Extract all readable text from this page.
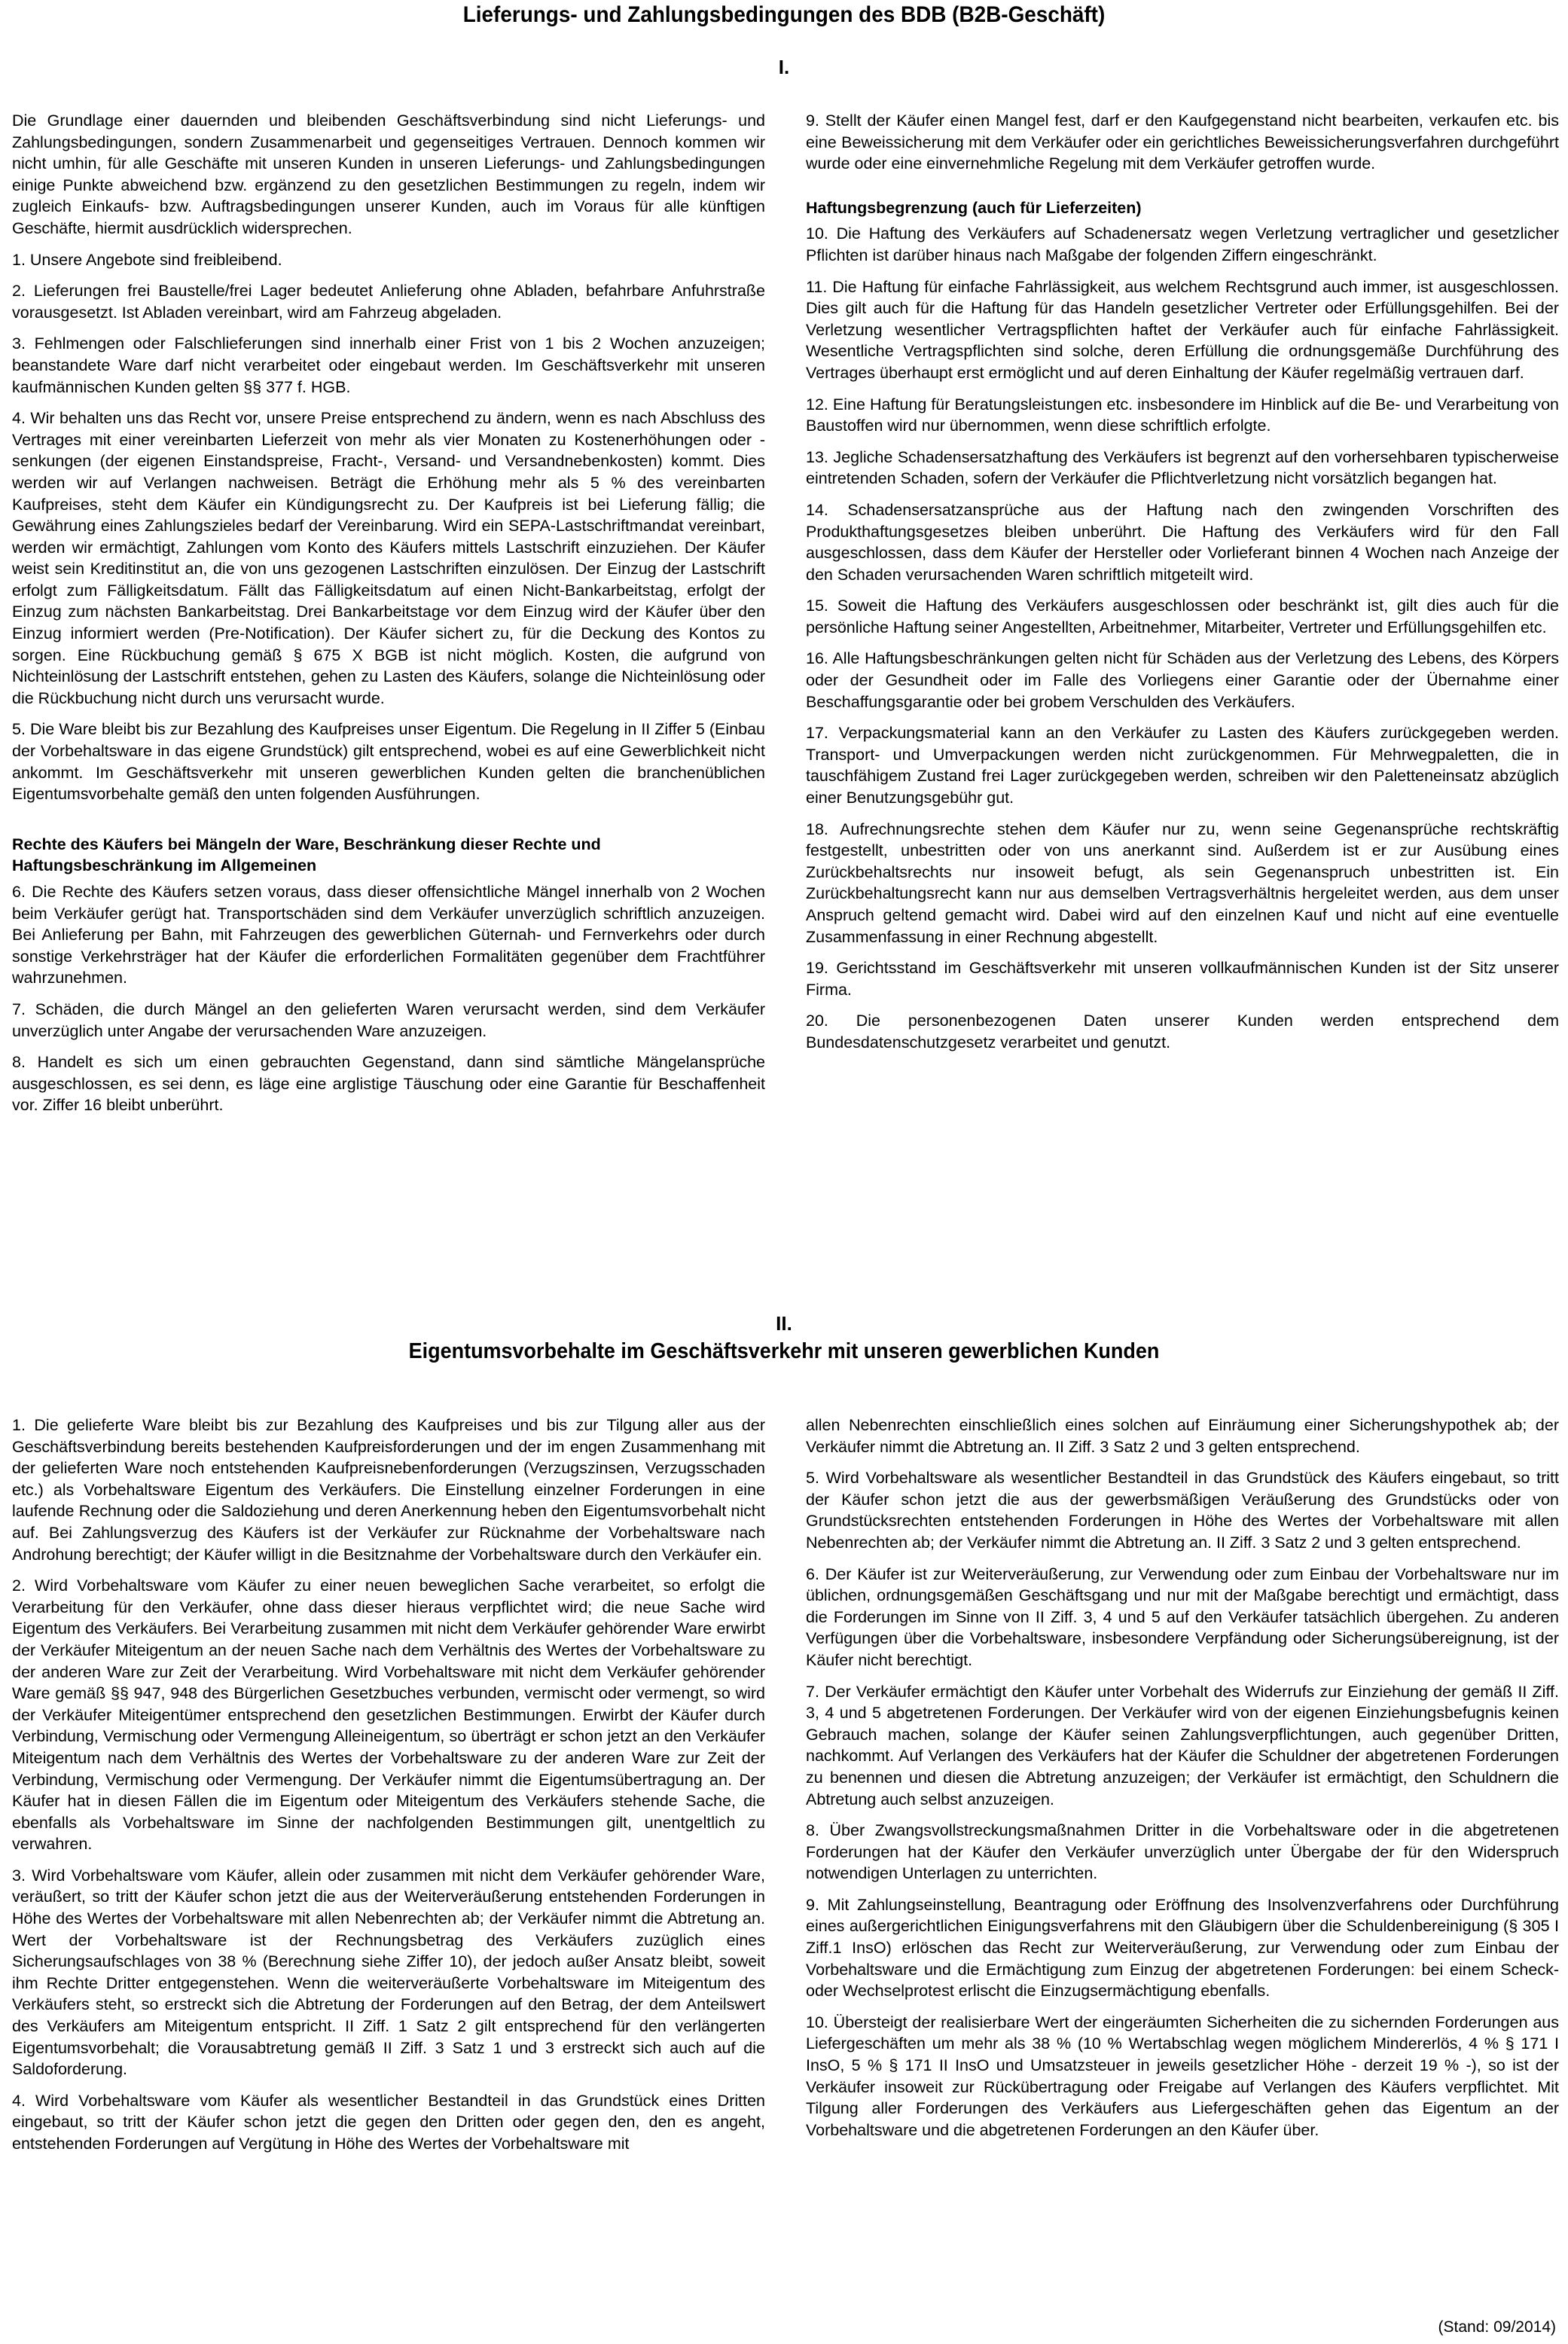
Lieferungs- und Zahlungsbedingungen des BDB (B2B-Geschäft)
I.

Die Grundlage einer dauernden und bleibenden Geschäftsverbindung sind nicht Lieferungs- und Zahlungsbedingungen, sondern Zusammenarbeit und gegenseitiges Vertrauen. Dennoch kommen wir nicht umhin, für alle Geschäfte mit unseren Kunden in unseren Lieferungs- und Zahlungsbedingungen einige Punkte abweichend bzw. ergänzend zu den gesetzlichen Bestimmungen zu regeln, indem wir zugleich Einkaufs- bzw. Auftragsbedingungen unserer Kunden, auch im Voraus für alle künftigen Geschäfte, hiermit ausdrücklich widersprechen.

1. Unsere Angebote sind freibleibend.

2. Lieferungen frei Baustelle/frei Lager bedeutet Anlieferung ohne Abladen, befahrbare Anfuhrstraße vorausgesetzt. Ist Abladen vereinbart, wird am Fahrzeug abgeladen.

3. Fehlmengen oder Falschlieferungen sind innerhalb einer Frist von 1 bis 2 Wochen anzuzeigen; beanstandete Ware darf nicht verarbeitet oder eingebaut werden. Im Geschäftsverkehr mit unseren kaufmännischen Kunden gelten §§ 377 f. HGB.

4. Wir behalten uns das Recht vor, unsere Preise entsprechend zu ändern, wenn es nach Abschluss des Vertrages mit einer vereinbarten Lieferzeit von mehr als vier Monaten zu Kostenerhöhungen oder -senkungen (der eigenen Einstandspreise, Fracht-, Versand- und Versandnebenkosten) kommt. Dies werden wir auf Verlangen nachweisen. Beträgt die Erhöhung mehr als 5 % des vereinbarten Kaufpreises, steht dem Käufer ein Kündigungsrecht zu. Der Kaufpreis ist bei Lieferung fällig; die Gewährung eines Zahlungszieles bedarf der Vereinbarung. Wird ein SEPA-Lastschriftmandat vereinbart, werden wir ermächtigt, Zahlungen vom Konto des Käufers mittels Lastschrift einzuziehen. Der Käufer weist sein Kreditinstitut an, die von uns gezogenen Lastschriften einzulösen. Der Einzug der Lastschrift erfolgt zum Fälligkeitsdatum. Fällt das Fälligkeitsdatum auf einen Nicht-Bankarbeitstag, erfolgt der Einzug zum nächsten Bankarbeitstag. Drei Bankarbeitstage vor dem Einzug wird der Käufer über den Einzug informiert werden (Pre-Notification). Der Käufer sichert zu, für die Deckung des Kontos zu sorgen. Eine Rückbuchung gemäß § 675 X BGB ist nicht möglich. Kosten, die aufgrund von Nichteinlösung der Lastschrift entstehen, gehen zu Lasten des Käufers, solange die Nichteinlösung oder die Rückbuchung nicht durch uns verursacht wurde.

5. Die Ware bleibt bis zur Bezahlung des Kaufpreises unser Eigentum. Die Regelung in II Ziffer 5 (Einbau der Vorbehaltsware in das eigene Grundstück) gilt entsprechend, wobei es auf eine Gewerblichkeit nicht ankommt. Im Geschäftsverkehr mit unseren gewerblichen Kunden gelten die branchenüblichen Eigentumsvorbehalte gemäß den unten folgenden Ausführungen.

Rechte des Käufers bei Mängeln der Ware, Beschränkung dieser Rechte und Haftungsbeschränkung im Allgemeinen

6. Die Rechte des Käufers setzen voraus, dass dieser offensichtliche Mängel innerhalb von 2 Wochen beim Verkäufer gerügt hat. Transportschäden sind dem Verkäufer unverzüglich schriftlich anzuzeigen. Bei Anlieferung per Bahn, mit Fahrzeugen des gewerblichen Güternah- und Fernverkehrs oder durch sonstige Verkehrsträger hat der Käufer die erforderlichen Formalitäten gegenüber dem Frachtführer wahrzunehmen.

7. Schäden, die durch Mängel an den gelieferten Waren verursacht werden, sind dem Verkäufer unverzüglich unter Angabe der verursachenden Ware anzuzeigen.

8. Handelt es sich um einen gebrauchten Gegenstand, dann sind sämtliche Mängelansprüche ausgeschlossen, es sei denn, es läge eine arglistige Täuschung oder eine Garantie für Beschaffenheit vor. Ziffer 16 bleibt unberührt.

9. Stellt der Käufer einen Mangel fest, darf er den Kaufgegenstand nicht bearbeiten, verkaufen etc. bis eine Beweissicherung mit dem Verkäufer oder ein gerichtliches Beweissicherungsverfahren durchgeführt wurde oder eine einvernehmliche Regelung mit dem Verkäufer getroffen wurde.

Haftungsbegrenzung (auch für Lieferzeiten)

10. Die Haftung des Verkäufers auf Schadenersatz wegen Verletzung vertraglicher und gesetzlicher Pflichten ist darüber hinaus nach Maßgabe der folgenden Ziffern eingeschränkt.

11. Die Haftung für einfache Fahrlässigkeit, aus welchem Rechtsgrund auch immer, ist ausgeschlossen. Dies gilt auch für die Haftung für das Handeln gesetzlicher Vertreter oder Erfüllungsgehilfen. Bei der Verletzung wesentlicher Vertragspflichten haftet der Verkäufer auch für einfache Fahrlässigkeit. Wesentliche Vertragspflichten sind solche, deren Erfüllung die ordnungsgemäße Durchführung des Vertrages überhaupt erst ermöglicht und auf deren Einhaltung der Käufer regelmäßig vertrauen darf.

12. Eine Haftung für Beratungsleistungen etc. insbesondere im Hinblick auf die Be- und Verarbeitung von Baustoffen wird nur übernommen, wenn diese schriftlich erfolgte.

13. Jegliche Schadensersatzhaftung des Verkäufers ist begrenzt auf den vorhersehbaren typischerweise eintretenden Schaden, sofern der Verkäufer die Pflichtverletzung nicht vorsätzlich begangen hat.

14. Schadensersatzansprüche aus der Haftung nach den zwingenden Vorschriften des Produkthaftungsgesetzes bleiben unberührt. Die Haftung des Verkäufers wird für den Fall ausgeschlossen, dass dem Käufer der Hersteller oder Vorlieferant binnen 4 Wochen nach Anzeige der den Schaden verursachenden Waren schriftlich mitgeteilt wird.

15. Soweit die Haftung des Verkäufers ausgeschlossen oder beschränkt ist, gilt dies auch für die persönliche Haftung seiner Angestellten, Arbeitnehmer, Mitarbeiter, Vertreter und Erfüllungsgehilfen etc.

16. Alle Haftungsbeschränkungen gelten nicht für Schäden aus der Verletzung des Lebens, des Körpers oder der Gesundheit oder im Falle des Vorliegens einer Garantie oder der Übernahme einer Beschaffungsgarantie oder bei grobem Verschulden des Verkäufers.

17. Verpackungsmaterial kann an den Verkäufer zu Lasten des Käufers zurückgegeben werden. Transport- und Umverpackungen werden nicht zurückgenommen. Für Mehrwegpaletten, die in tauschfähigem Zustand frei Lager zurückgegeben werden, schreiben wir den Paletteneinsatz abzüglich einer Benutzungsgebühr gut.

18. Aufrechnungsrechte stehen dem Käufer nur zu, wenn seine Gegenansprüche rechtskräftig festgestellt, unbestritten oder von uns anerkannt sind. Außerdem ist er zur Ausübung eines Zurückbehaltsrechts nur insoweit befugt, als sein Gegenanspruch unbestritten ist. Ein Zurückbehaltungsrecht kann nur aus demselben Vertragsverhältnis hergeleitet werden, aus dem unser Anspruch geltend gemacht wird. Dabei wird auf den einzelnen Kauf und nicht auf eine eventuelle Zusammenfassung in einer Rechnung abgestellt.

19. Gerichtsstand im Geschäftsverkehr mit unseren vollkaufmännischen Kunden ist der Sitz unserer Firma.

20. Die personenbezogenen Daten unserer Kunden werden entsprechend dem Bundesdatenschutzgesetz verarbeitet und genutzt.

II.
Eigentumsvorbehalte im Geschäftsverkehr mit unseren gewerblichen Kunden

1. Die gelieferte Ware bleibt bis zur Bezahlung des Kaufpreises und bis zur Tilgung aller aus der Geschäftsverbindung bereits bestehenden Kaufpreisforderungen und der im engen Zusammenhang mit der gelieferten Ware noch entstehenden Kaufpreisnebenforderungen (Verzugszinsen, Verzugsschaden etc.) als Vorbehaltsware Eigentum des Verkäufers. Die Einstellung einzelner Forderungen in eine laufende Rechnung oder die Saldoziehung und deren Anerkennung heben den Eigentumsvorbehalt nicht auf. Bei Zahlungsverzug des Käufers ist der Verkäufer zur Rücknahme der Vorbehaltsware nach Androhung berechtigt; der Käufer willigt in die Besitznahme der Vorbehaltsware durch den Verkäufer ein.

2. Wird Vorbehaltsware vom Käufer zu einer neuen beweglichen Sache verarbeitet, so erfolgt die Verarbeitung für den Verkäufer, ohne dass dieser hieraus verpflichtet wird; die neue Sache wird Eigentum des Verkäufers. Bei Verarbeitung zusammen mit nicht dem Verkäufer gehörender Ware erwirbt der Verkäufer Miteigentum an der neuen Sache nach dem Verhältnis des Wertes der Vorbehaltsware zu der anderen Ware zur Zeit der Verarbeitung. Wird Vorbehaltsware mit nicht dem Verkäufer gehörender Ware gemäß §§ 947, 948 des Bürgerlichen Gesetzbuches verbunden, vermischt oder vermengt, so wird der Verkäufer Miteigentümer entsprechend den gesetzlichen Bestimmungen. Erwirbt der Käufer durch Verbindung, Vermischung oder Vermengung Alleineigentum, so überträgt er schon jetzt an den Verkäufer Miteigentum nach dem Verhältnis des Wertes der Vorbehaltsware zu der anderen Ware zur Zeit der Verbindung, Vermischung oder Vermengung. Der Verkäufer nimmt die Eigentumsübertragung an. Der Käufer hat in diesen Fällen die im Eigentum oder Miteigentum des Verkäufers stehende Sache, die ebenfalls als Vorbehaltsware im Sinne der nachfolgenden Bestimmungen gilt, unentgeltlich zu verwahren.

3. Wird Vorbehaltsware vom Käufer, allein oder zusammen mit nicht dem Verkäufer gehörender Ware, veräußert, so tritt der Käufer schon jetzt die aus der Weiterveräußerung entstehenden Forderungen in Höhe des Wertes der Vorbehaltsware mit allen Nebenrechten ab; der Verkäufer nimmt die Abtretung an. Wert der Vorbehaltsware ist der Rechnungsbetrag des Verkäufers zuzüglich eines Sicherungsaufschlages von 38 % (Berechnung siehe Ziffer 10), der jedoch außer Ansatz bleibt, soweit ihm Rechte Dritter entgegenstehen. Wenn die weiterveräußerte Vorbehaltsware im Miteigentum des Verkäufers steht, so erstreckt sich die Abtretung der Forderungen auf den Betrag, der dem Anteilswert des Verkäufers am Miteigentum entspricht. II Ziff. 1 Satz 2 gilt entsprechend für den verlängerten Eigentumsvorbehalt; die Vorausabtretung gemäß II Ziff. 3 Satz 1 und 3 erstreckt sich auch auf die Saldoforderung.

4. Wird Vorbehaltsware vom Käufer als wesentlicher Bestandteil in das Grundstück eines Dritten eingebaut, so tritt der Käufer schon jetzt die gegen den Dritten oder gegen den, den es angeht, entstehenden Forderungen auf Vergütung in Höhe des Wertes der Vorbehaltsware mit

allen Nebenrechten einschließlich eines solchen auf Einräumung einer Sicherungshypothek ab; der Verkäufer nimmt die Abtretung an. II Ziff. 3 Satz 2 und 3 gelten entsprechend.

5. Wird Vorbehaltsware als wesentlicher Bestandteil in das Grundstück des Käufers eingebaut, so tritt der Käufer schon jetzt die aus der gewerbsmäßigen Veräußerung des Grundstücks oder von Grundstücksrechten entstehenden Forderungen in Höhe des Wertes der Vorbehaltsware mit allen Nebenrechten ab; der Verkäufer nimmt die Abtretung an. II Ziff. 3 Satz 2 und 3 gelten entsprechend.

6. Der Käufer ist zur Weiterveräußerung, zur Verwendung oder zum Einbau der Vorbehaltsware nur im üblichen, ordnungsgemäßen Geschäftsgang und nur mit der Maßgabe berechtigt und ermächtigt, dass die Forderungen im Sinne von II Ziff. 3, 4 und 5 auf den Verkäufer tatsächlich übergehen. Zu anderen Verfügungen über die Vorbehaltsware, insbesondere Verpfändung oder Sicherungsübereignung, ist der Käufer nicht berechtigt.

7. Der Verkäufer ermächtigt den Käufer unter Vorbehalt des Widerrufs zur Einziehung der gemäß II Ziff. 3, 4 und 5 abgetretenen Forderungen. Der Verkäufer wird von der eigenen Einziehungsbefugnis keinen Gebrauch machen, solange der Käufer seinen Zahlungsverpflichtungen, auch gegenüber Dritten, nachkommt. Auf Verlangen des Verkäufers hat der Käufer die Schuldner der abgetretenen Forderungen zu benennen und diesen die Abtretung anzuzeigen; der Verkäufer ist ermächtigt, den Schuldnern die Abtretung auch selbst anzuzeigen.

8. Über Zwangsvollstreckungsmaßnahmen Dritter in die Vorbehaltsware oder in die abgetretenen Forderungen hat der Käufer den Verkäufer unverzüglich unter Übergabe der für den Widerspruch notwendigen Unterlagen zu unterrichten.

9. Mit Zahlungseinstellung, Beantragung oder Eröffnung des Insolvenzverfahrens oder Durchführung eines außergerichtlichen Einigungsverfahrens mit den Gläubigern über die Schuldenbereinigung (§ 305 I Ziff.1 InsO) erlöschen das Recht zur Weiterveräußerung, zur Verwendung oder zum Einbau der Vorbehaltsware und die Ermächtigung zum Einzug der abgetretenen Forderungen: bei einem Scheck- oder Wechselprotest erlischt die Einzugsermächtigung ebenfalls.

10. Übersteigt der realisierbare Wert der eingeräumten Sicherheiten die zu sichernden Forderungen aus Liefergeschäften um mehr als 38 % (10 % Wertabschlag wegen möglichem Mindererlös, 4 % § 171 I InsO, 5 % § 171 II InsO und Umsatzsteuer in jeweils gesetzlicher Höhe - derzeit 19 % -), so ist der Verkäufer insoweit zur Rückübertragung oder Freigabe auf Verlangen des Käufers verpflichtet. Mit Tilgung aller Forderungen des Verkäufers aus Liefergeschäften gehen das Eigentum an der Vorbehaltsware und die abgetretenen Forderungen an den Käufer über.

(Stand: 09/2014)
